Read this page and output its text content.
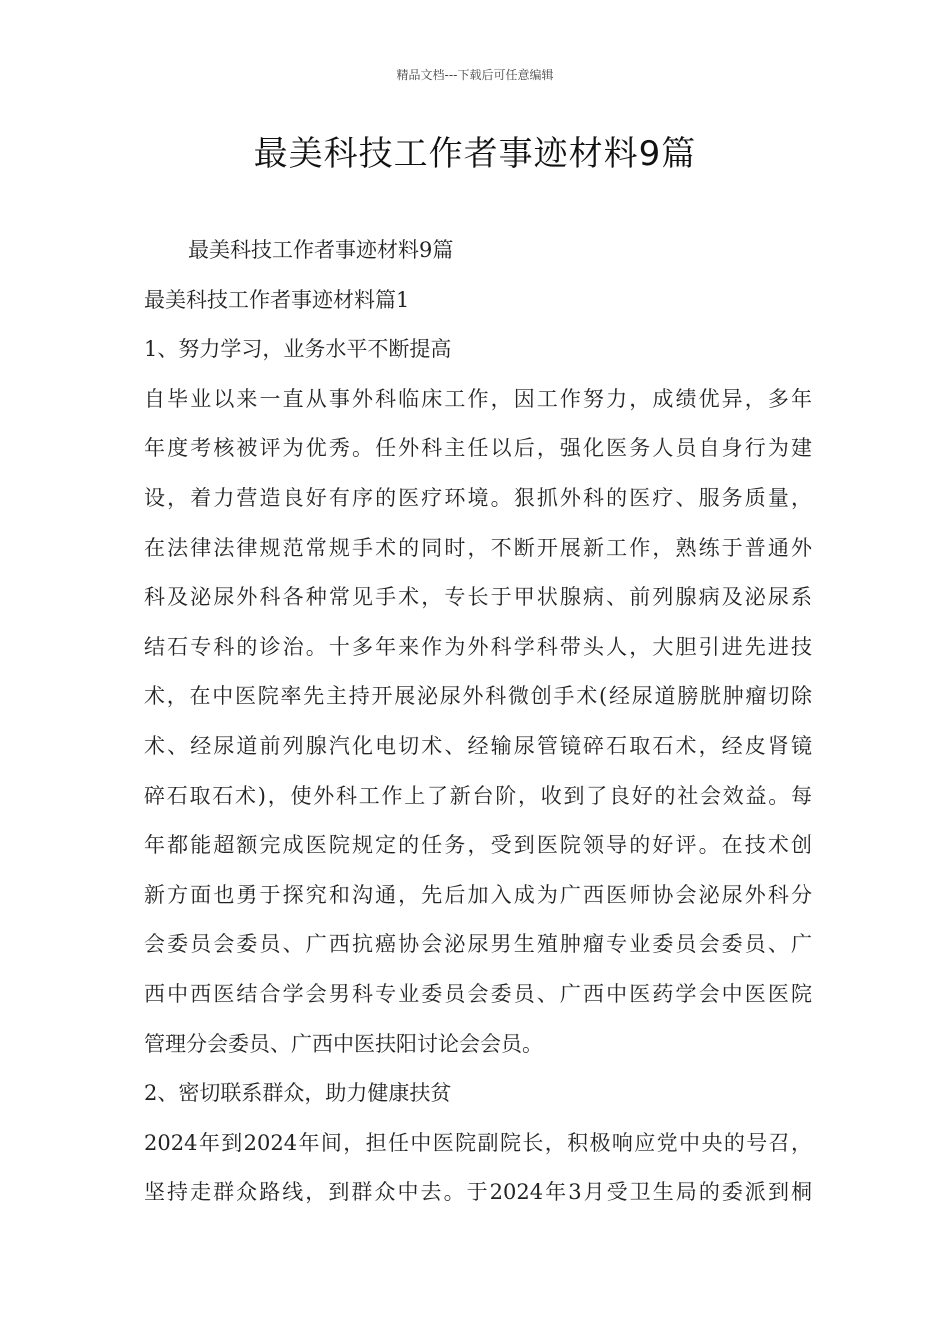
精品文档---下载后可任意编辑
最美科技工作者事迹材料9篇
最美科技工作者事迹材料9篇
最美科技工作者事迹材料篇1
1、努力学习，业务水平不断提高
自毕业以来一直从事外科临床工作，因工作努力，成绩优异，多年
年度考核被评为优秀。任外科主任以后，强化医务人员自身行为建
设，着力营造良好有序的医疗环境。狠抓外科的医疗、服务质量，
在法律法律规范常规手术的同时，不断开展新工作，熟练于普通外
科及泌尿外科各种常见手术，专长于甲状腺病、前列腺病及泌尿系
结石专科的诊治。十多年来作为外科学科带头人，大胆引进先进技
术，在中医院率先主持开展泌尿外科微创手术(经尿道膀胱肿瘤切除
术、经尿道前列腺汽化电切术、经输尿管镜碎石取石术，经皮肾镜
碎石取石术)，使外科工作上了新台阶，收到了良好的社会效益。每
年都能超额完成医院规定的任务，受到医院领导的好评。在技术创
新方面也勇于探究和沟通，先后加入成为广西医师协会泌尿外科分
会委员会委员、广西抗癌协会泌尿男生殖肿瘤专业委员会委员、广
西中西医结合学会男科专业委员会委员、广西中医药学会中医医院
管理分会委员、广西中医扶阳讨论会会员。
2、密切联系群众，助力健康扶贫
2024年到2024年间，担任中医院副院长，积极响应党中央的号召，
坚持走群众路线，到群众中去。于2024年3月受卫生局的委派到桐
